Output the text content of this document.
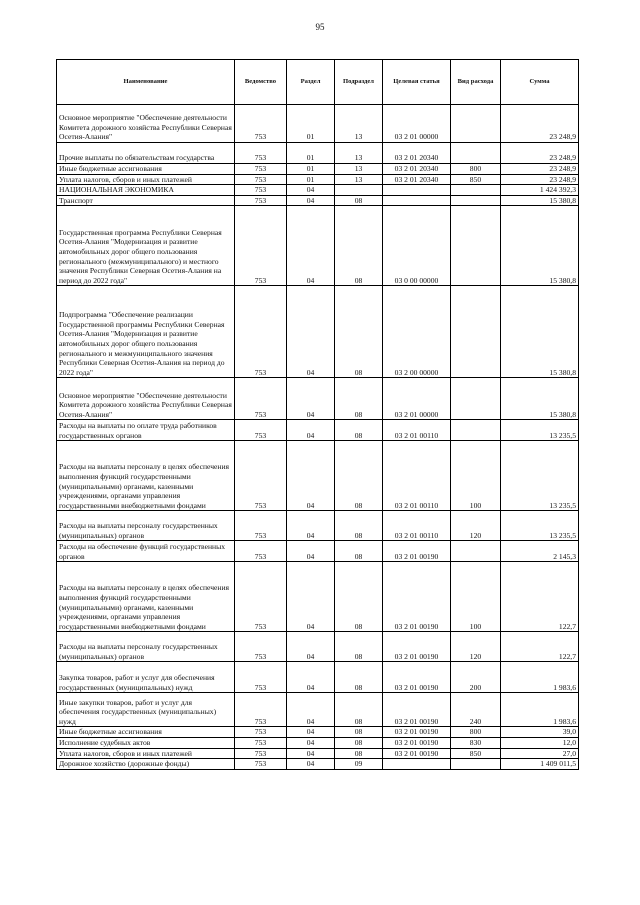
95
Наименование	Ведомство	Раздел	Подраздел	Целевая статья	Вид расхода	Сумма
Основное мероприятие "Обеспечение деятельности Комитета дорожного хозяйства Республики Северная Осетия-Алания"	753	01	13	03 2 01 00000		23 248,9
Прочие выплаты по обязательствам государства	753	01	13	03 2 01 20340		23 248,9
Иные бюджетные ассигнования	753	01	13	03 2 01 20340	800	23 248,9
Уплата налогов, сборов и иных платежей	753	01	13	03 2 01 20340	850	23 248,9
НАЦИОНАЛЬНАЯ ЭКОНОМИКА	753	04				1 424 392,3
Транспорт	753	04	08			15 380,8
Государственная программа Республики Северная Осетия-Алания "Модернизация и развитие автомобильных дорог общего пользования регионального (межмуниципального) и местного значения Республики Северная Осетия-Алания на период до 2022 года"	753	04	08	03 0 00 00000		15 380,8
Подпрограмма "Обеспечение реализации Государственной программы Республики Северная Осетия-Алания "Модернизация и развитие автомобильных дорог общего пользования регионального и межмуниципального значения Республики Северная Осетия-Алания на период до 2022 года"	753	04	08	03 2 00 00000		15 380,8
Основное мероприятие "Обеспечение деятельности Комитета дорожного хозяйства Республики Северная Осетия-Алания"	753	04	08	03 2 01 00000		15 380,8
Расходы на выплаты по оплате труда работников государственных органов	753	04	08	03 2 01 00110		13 235,5
Расходы на выплаты персоналу в целях обеспечения выполнения функций государственными (муниципальными) органами, казенными учреждениями, органами управления государственными внебюджетными фондами	753	04	08	03 2 01 00110	100	13 235,5
Расходы на выплаты персоналу государственных (муниципальных) органов	753	04	08	03 2 01 00110	120	13 235,5
Расходы на обеспечение функций государственных органов	753	04	08	03 2 01 00190		2 145,3
Расходы на выплаты персоналу в целях обеспечения выполнения функций государственными (муниципальными) органами, казенными учреждениями, органами управления государственными внебюджетными фондами	753	04	08	03 2 01 00190	100	122,7
Расходы на выплаты персоналу государственных (муниципальных) органов	753	04	08	03 2 01 00190	120	122,7
Закупка товаров, работ и услуг для обеспечения государственных (муниципальных) нужд	753	04	08	03 2 01 00190	200	1 983,6
Иные закупки товаров, работ и услуг для обеспечения государственных (муниципальных) нужд	753	04	08	03 2 01 00190	240	1 983,6
Иные бюджетные ассигнования	753	04	08	03 2 01 00190	800	39,0
Исполнение судебных актов	753	04	08	03 2 01 00190	830	12,0
Уплата налогов, сборов и иных платежей	753	04	08	03 2 01 00190	850	27,0
Дорожное хозяйство (дорожные фонды)	753	04	09			1 409 011,5
